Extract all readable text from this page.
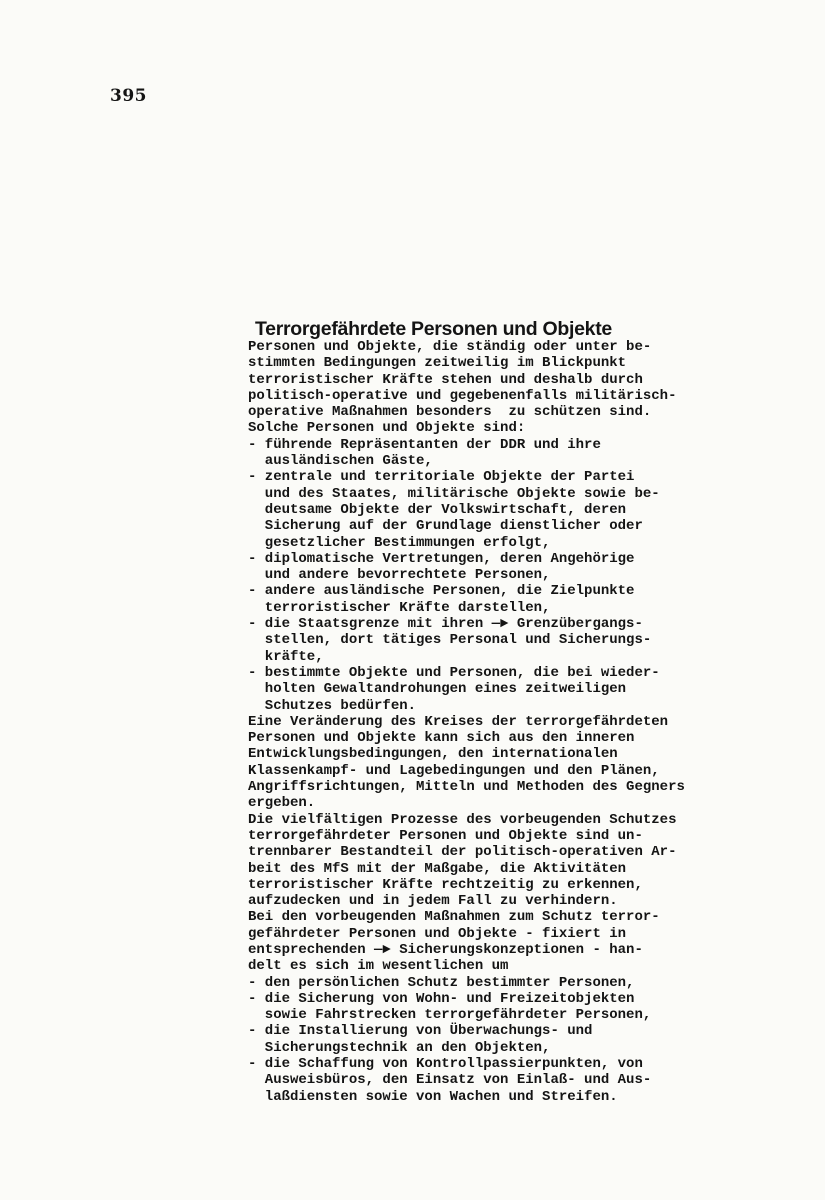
395
Terrorgefährdete Personen und Objekte
Personen und Objekte, die ständig oder unter be-
stimmten Bedingungen zeitweilig im Blickpunkt
terroristischer Kräfte stehen und deshalb durch
politisch-operative und gegebenenfalls militärisch-
operative Maßnahmen besonders  zu schützen sind.
Solche Personen und Objekte sind:
- führende Repräsentanten der DDR und ihre
ausländischen Gäste,
- zentrale und territoriale Objekte der Partei
und des Staates, militärische Objekte sowie be-
deutsame Objekte der Volkswirtschaft, deren
Sicherung auf der Grundlage dienstlicher oder
gesetzlicher Bestimmungen erfolgt,
- diplomatische Vertretungen, deren Angehörige
und andere bevorrechtete Personen,
- andere ausländische Personen, die Zielpunkte
terroristischer Kräfte darstellen,
- die Staatsgrenze mit ihren —► Grenzübergangs-
stellen, dort tätiges Personal und Sicherungs-
kräfte,
- bestimmte Objekte und Personen, die bei wieder-
holten Gewaltandrohungen eines zeitweiligen
Schutzes bedürfen.
Eine Veränderung des Kreises der terrorgefährdeten
Personen und Objekte kann sich aus den inneren
Entwicklungsbedingungen, den internationalen
Klassenkampf- und Lagebedingungen und den Plänen,
Angriffsrichtungen, Mitteln und Methoden des Gegners
ergeben.
Die vielfältigen Prozesse des vorbeugenden Schutzes
terrorgefährdeter Personen und Objekte sind un-
trennbarer Bestandteil der politisch-operativen Ar-
beit des MfS mit der Maßgabe, die Aktivitäten
terroristischer Kräfte rechtzeitig zu erkennen,
aufzudecken und in jedem Fall zu verhindern.
Bei den vorbeugenden Maßnahmen zum Schutz terror-
gefährdeter Personen und Objekte - fixiert in
entsprechenden —► Sicherungskonzeptionen - han-
delt es sich im wesentlichen um
- den persönlichen Schutz bestimmter Personen,
- die Sicherung von Wohn- und Freizeitobjekten
sowie Fahrstrecken terrorgefährdeter Personen,
- die Installierung von Überwachungs- und
Sicherungstechnik an den Objekten,
- die Schaffung von Kontrollpassierpunkten, von
Ausweisbüros, den Einsatz von Einlaß- und Aus-
laßdiensten sowie von Wachen und Streifen.
